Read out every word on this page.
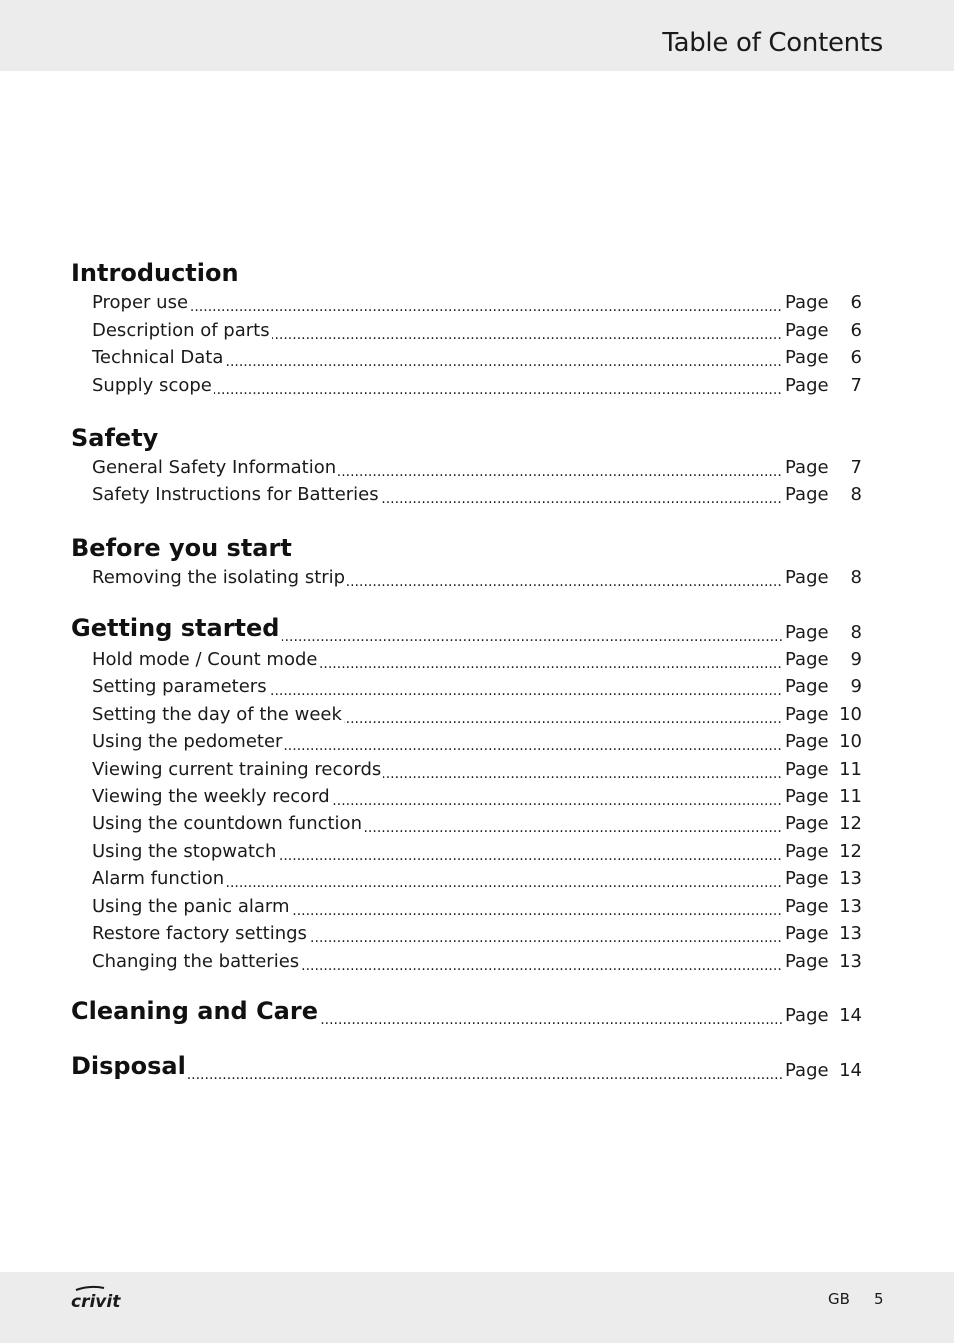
Table of Contents
Introduction
.....
Proper use	Page 6
.....
Description of parts	Page 6
.....
Technical Data	Page 6
.....
Supply scope	Page 7
Safety
.....
General Safety Information	Page 7
.....
Safety Instructions for Batteries	Page 8
Before you start
.....
Removing the isolating strip	Page 8
.....
Getting started	Page 8
.....
Hold mode / Count mode	Page 9
.....
Setting parameters	Page 9
.....
Setting the day of the week	Page 10
.....
Using the pedometer	Page 10
.....
Viewing current training records	Page 11
.....
Viewing the weekly record	Page 11
.....
Using the countdown function	Page 12
.....
Using the stopwatch	Page 12
.....
Alarm function	Page 13
.....
Using the panic alarm	Page 13
.....
Restore factory settings	Page 13
.....
Changing the batteries	Page 13
.....
Cleaning and Care	Page 14
.....
Disposal	Page 14
crivit	GB 5
